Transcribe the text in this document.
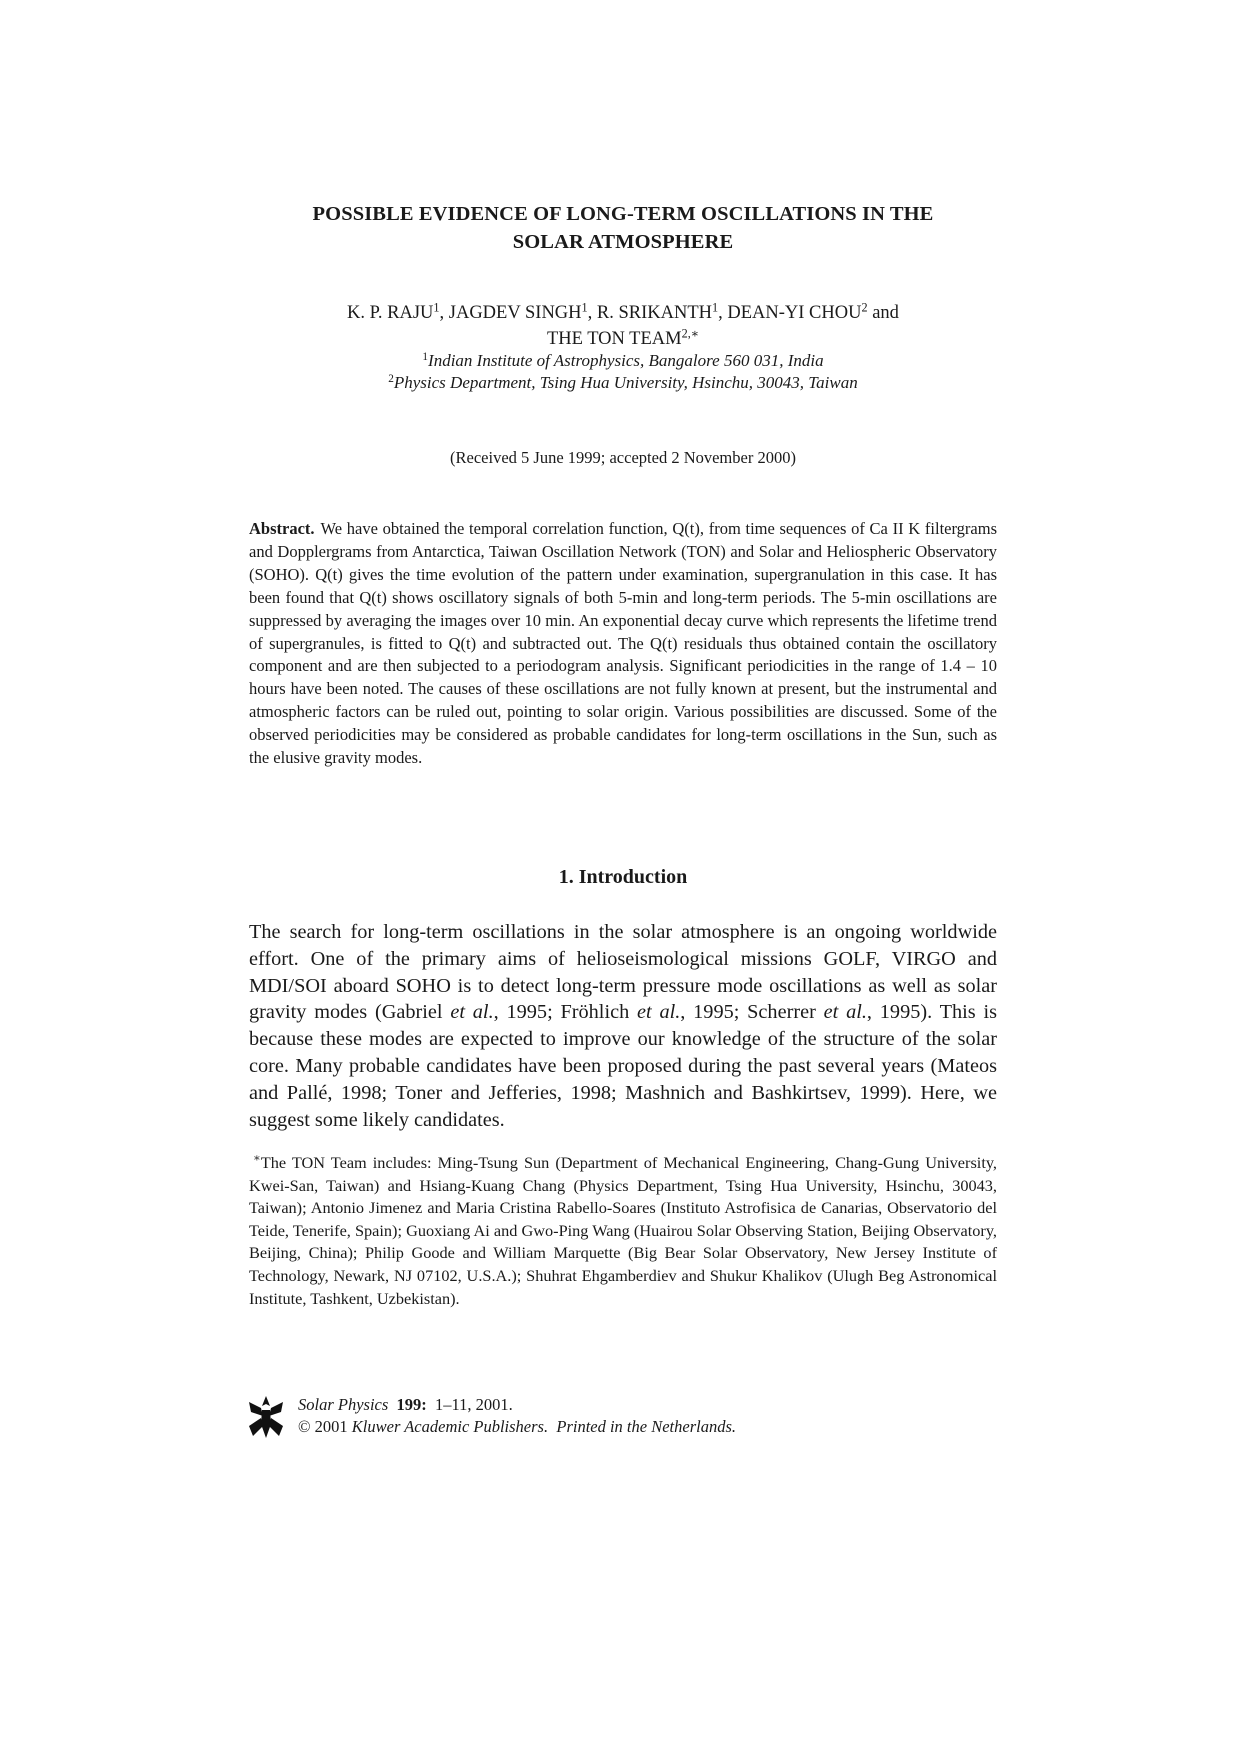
POSSIBLE EVIDENCE OF LONG-TERM OSCILLATIONS IN THE
SOLAR ATMOSPHERE
K. P. RAJU$^1$, JAGDEV SINGH$^1$, R. SRIKANTH$^1$, DEAN-YI CHOU$^2$ and
THE TON $TEAM^{2,∗}$
$^1$Indian Institute of Astrophysics, Bangalore 560 031, India
$^2$Physics Department, Tsing Hua University, Hsinchu, 30043, Taiwan
(Received 5 June 1999; accepted 2 November 2000)
Abstract. We have obtained the temporal correlation function, Q(t), from time sequences of Ca II K filtergrams and Dopplergrams from Antarctica, Taiwan Oscillation Network (TON) and Solar and Heliospheric Observatory (SOHO). Q(t) gives the time evolution of the pattern under examination, supergranulation in this case. It has been found that Q(t) shows oscillatory signals of both 5-min and long-term periods. The 5-min oscillations are suppressed by averaging the images over 10 min. An exponential decay curve which represents the lifetime trend of supergranules, is fitted to Q(t) and subtracted out. The Q(t) residuals thus obtained contain the oscillatory component and are then subjected to a periodogram analysis. Significant periodicities in the range of 1.4 – 10 hours have been noted. The causes of these oscillations are not fully known at present, but the instrumental and atmospheric factors can be ruled out, pointing to solar origin. Various possibilities are discussed. Some of the observed periodicities may be considered as probable candidates for long-term oscillations in the Sun, such as the elusive gravity modes.
1. Introduction
The search for long-term oscillations in the solar atmosphere is an ongoing worldwide effort. One of the primary aims of helioseismological missions GOLF, VIRGO and MDI/SOI aboard SOHO is to detect long-term pressure mode oscillations as well as solar gravity modes (Gabriel et al., 1995; Fröhlich et al., 1995; Scherrer et al., 1995). This is because these modes are expected to improve our knowledge of the structure of the solar core. Many probable candidates have been proposed during the past several years (Mateos and Pallé, 1998; Toner and Jefferies, 1998; Mashnich and Bashkirtsev, 1999). Here, we suggest some likely candidates.
∗The TON Team includes: Ming-Tsung Sun (Department of Mechanical Engineering, Chang-Gung University, Kwei-San, Taiwan) and Hsiang-Kuang Chang (Physics Department, Tsing Hua University, Hsinchu, 30043, Taiwan); Antonio Jimenez and Maria Cristina Rabello-Soares (Instituto Astrofisica de Canarias, Observatorio del Teide, Tenerife, Spain); Guoxiang Ai and Gwo-Ping Wang (Huairou Solar Observing Station, Beijing Observatory, Beijing, China); Philip Goode and William Marquette (Big Bear Solar Observatory, New Jersey Institute of Technology, Newark, NJ 07102, U.S.A.); Shuhrat Ehgamberdiev and Shukur Khalikov (Ulugh Beg Astronomical Institute, Tashkent, Uzbekistan).
Solar Physics 199: 1–11, 2001.
© 2001 Kluwer Academic Publishers. Printed in the Netherlands.
